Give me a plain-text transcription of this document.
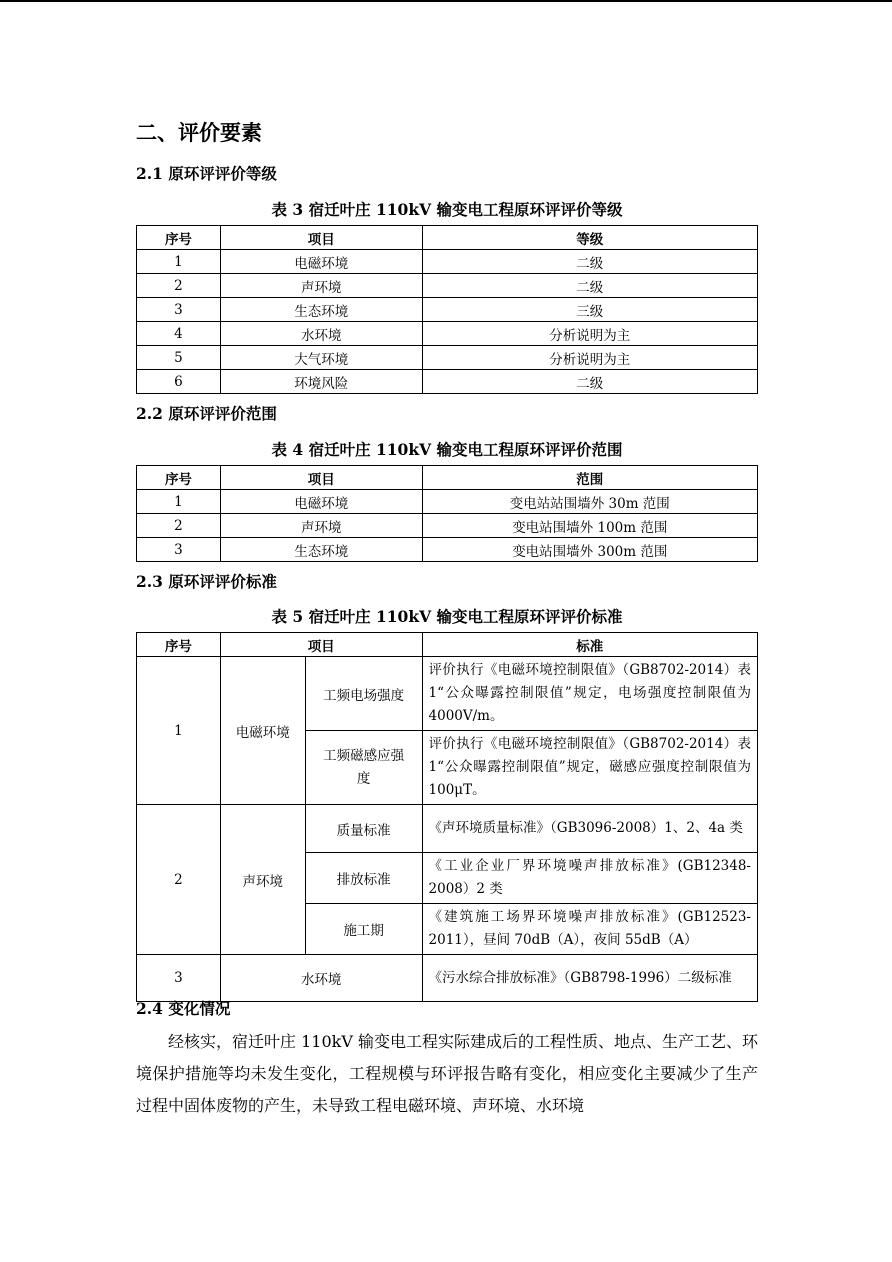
二、评价要素
2.1 原环评评价等级
表 3 宿迁叶庄 110kV 输变电工程原环评评价等级
序号	项目	等级
1	电磁环境	二级
2	声环境	二级
3	生态环境	三级
4	水环境	分析说明为主
5	大气环境	分析说明为主
6	环境风险	二级
2.2 原环评评价范围
表 4 宿迁叶庄 110kV 输变电工程原环评评价范围
序号	项目	范围
1	电磁环境	变电站站围墙外 30m 范围
2	声环境	变电站围墙外 100m 范围
3	生态环境	变电站围墙外 300m 范围
2.3 原环评评价标准
表 5 宿迁叶庄 110kV 输变电工程原环评评价标准
序号	项目		标准
1	电磁环境	工频电场强度	评价执行《电磁环境控制限值》（GB8702-2014）表 1“公众曝露控制限值”规定，电场强度控制限值为 4000V/m。
		工频磁感应强度	评价执行《电磁环境控制限值》（GB8702-2014）表 1“公众曝露控制限值”规定，磁感应强度控制限值为 100μT。
2	声环境	质量标准	《声环境质量标准》（GB3096-2008）1、2、4a 类
		排放标准	《工业企业厂界环境噪声排放标准》(GB12348-2008）2 类
		施工期	《建筑施工场界环境噪声排放标准》(GB12523-2011），昼间 70dB（A），夜间 55dB（A）
3	水环境		《污水综合排放标准》（GB8798-1996）二级标准
2.4 变化情况

经核实，宿迁叶庄 110kV 输变电工程实际建成后的工程性质、地点、生产工艺、环境保护措施等均未发生变化，工程规模与环评报告略有变化，相应变化主要减少了生产过程中固体废物的产生，未导致工程电磁环境、声环境、水环境
